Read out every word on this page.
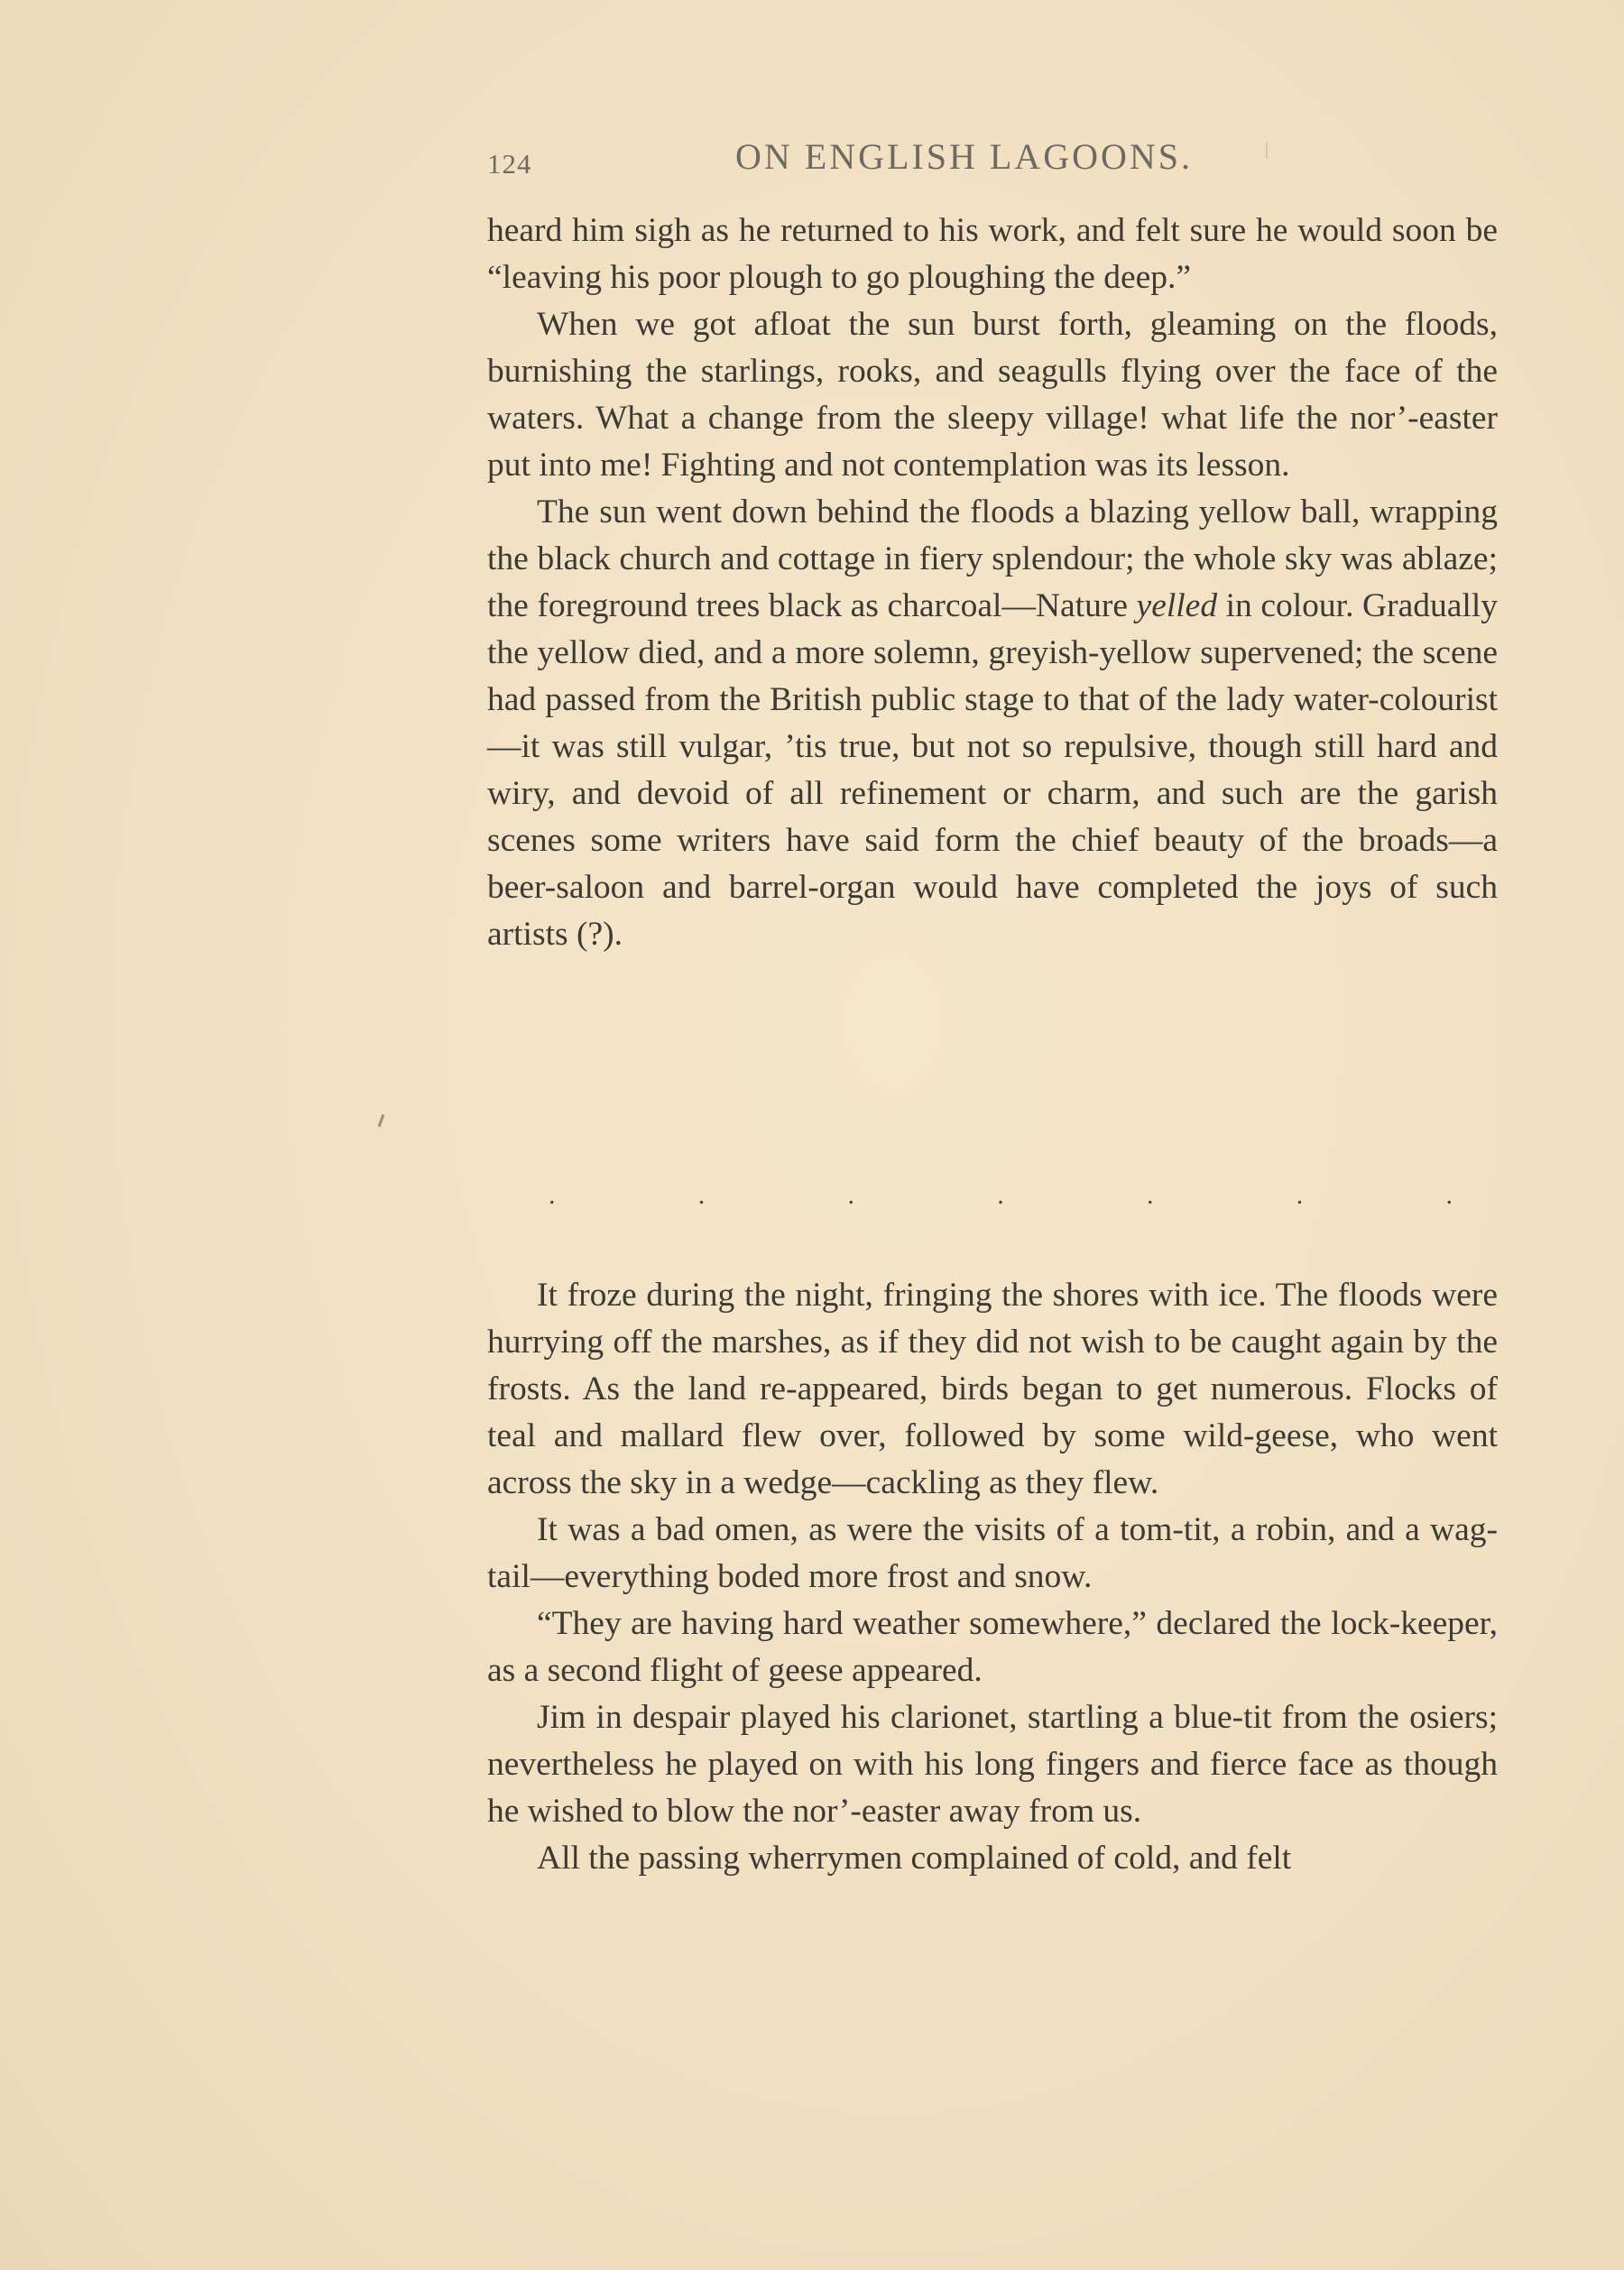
124	ON ENGLISH LAGOONS.

heard him sigh as he returned to his work, and felt sure he would soon be “leaving his poor plough to go ploughing the deep.”

When we got afloat the sun burst forth, gleaming on the floods, burnishing the starlings, rooks, and seagulls flying over the face of the waters. What a change from the sleepy village! what life the nor’-easter put into me! Fighting and not contemplation was its lesson.

The sun went down behind the floods a blazing yellow ball, wrapping the black church and cottage in fiery splendour; the whole sky was ablaze; the foreground trees black as charcoal—Nature yelled in colour. Gradually the yellow died, and a more solemn, greyish-yellow supervened; the scene had passed from the British public stage to that of the lady water-colourist—it was still vulgar, ’tis true, but not so repulsive, though still hard and wiry, and devoid of all refinement or charm, and such are the garish scenes some writers have said form the chief beauty of the broads—a beer-saloon and barrel-organ would have completed the joys of such artists (?).

.	.	.	.	.	.	.

It froze during the night, fringing the shores with ice. The floods were hurrying off the marshes, as if they did not wish to be caught again by the frosts. As the land re-appeared, birds began to get numerous. Flocks of teal and mallard flew over, followed by some wild-geese, who went across the sky in a wedge—cackling as they flew.

It was a bad omen, as were the visits of a tom-tit, a robin, and a wag-tail—everything boded more frost and snow.

“They are having hard weather somewhere,” declared the lock-keeper, as a second flight of geese appeared.

Jim in despair played his clarionet, startling a blue-tit from the osiers; nevertheless he played on with his long fingers and fierce face as though he wished to blow the nor’-easter away from us.

All the passing wherrymen complained of cold, and felt
